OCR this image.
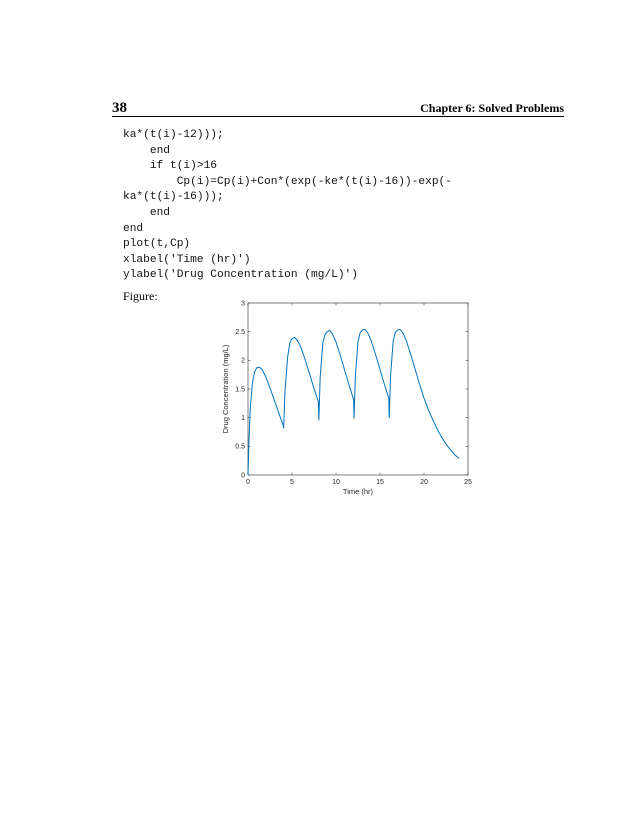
38	Chapter 6: Solved Problems
ka*(t(i)-12)));
end
if t(i)>16
Cp(i)=Cp(i)+Con*(exp(-ke*(t(i)-16))-exp(-
ka*(t(i)-16)));
end
end
plot(t,Cp)
xlabel('Time (hr)')
ylabel('Drug Concentration (mg/L)')
Figure:
0	5	10	15	20	25
0
0.5
1
1.5
2
2.5
3
Time (hr)
Drug Concentration (mg/L)
